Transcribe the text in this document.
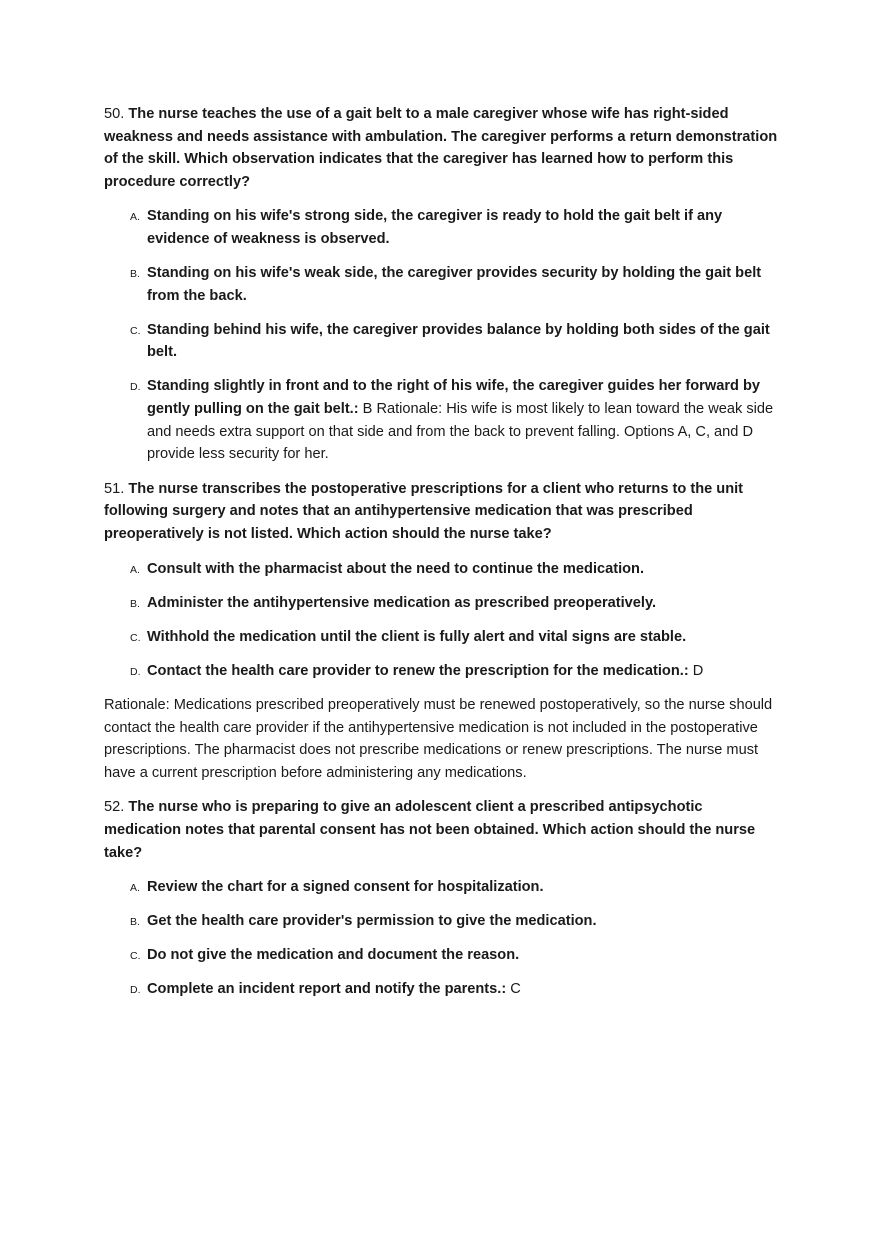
50. The nurse teaches the use of a gait belt to a male caregiver whose wife has right-sided weakness and needs assistance with ambulation. The caregiver performs a return demonstration of the skill. Which observation indicates that the caregiver has learned how to perform this procedure correctly?
A. Standing on his wife's strong side, the caregiver is ready to hold the gait belt if any evidence of weakness is observed.
B. Standing on his wife's weak side, the caregiver provides security by holding the gait belt from the back.
C. Standing behind his wife, the caregiver provides balance by holding both sides of the gait belt.
D. Standing slightly in front and to the right of his wife, the caregiver guides her forward by gently pulling on the gait belt.: B Rationale: His wife is most likely to lean toward the weak side and needs extra support on that side and from the back to prevent falling. Options A, C, and D provide less security for her.
51. The nurse transcribes the postoperative prescriptions for a client who returns to the unit following surgery and notes that an antihypertensive medication that was prescribed preoperatively is not listed. Which action should the nurse take?
A. Consult with the pharmacist about the need to continue the medication.
B. Administer the antihypertensive medication as prescribed preoperatively.
C. Withhold the medication until the client is fully alert and vital signs are stable.
D. Contact the health care provider to renew the prescription for the medication.: D

Rationale: Medications prescribed preoperatively must be renewed postoperatively, so the nurse should contact the health care provider if the antihypertensive medication is not included in the postoperative prescriptions. The pharmacist does not prescribe medications or renew prescriptions. The nurse must have a current prescription before administering any medications.

52. The nurse who is preparing to give an adolescent client a prescribed antipsychotic medication notes that parental consent has not been obtained. Which action should the nurse take?
A. Review the chart for a signed consent for hospitalization.
B. Get the health care provider's permission to give the medication.
C. Do not give the medication and document the reason.
D. Complete an incident report and notify the parents.: C
